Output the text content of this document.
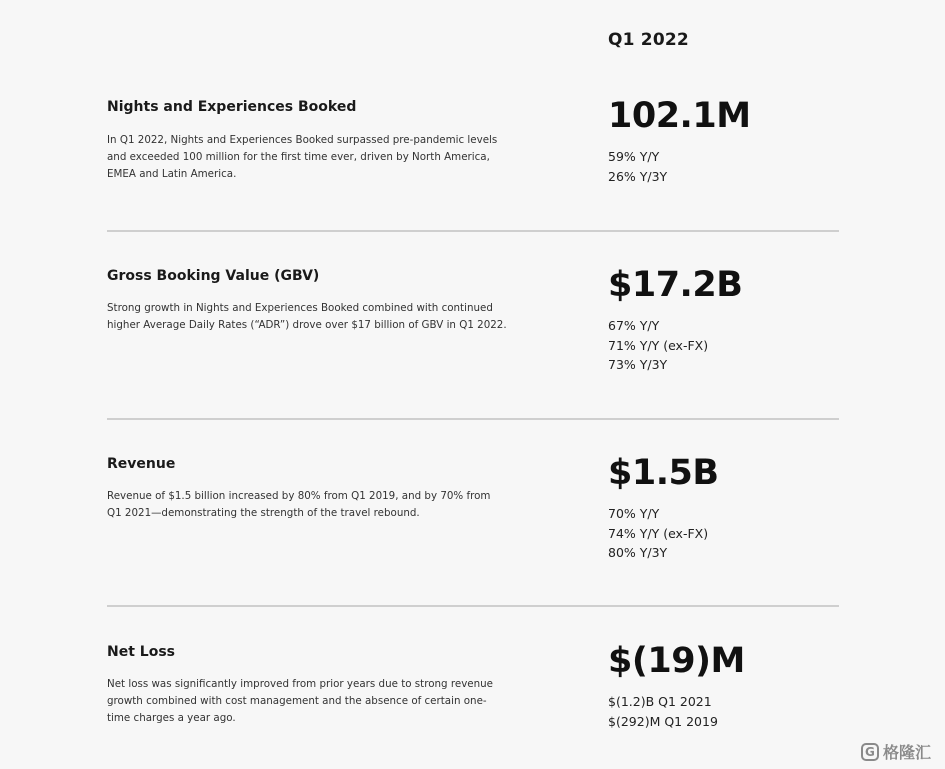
Q1 2022
Nights and Experiences Booked
In Q1 2022, Nights and Experiences Booked surpassed pre-pandemic levels and exceeded 100 million for the first time ever, driven by North America, EMEA and Latin America.
102.1M
59% Y/Y
26% Y/3Y
Gross Booking Value (GBV)
Strong growth in Nights and Experiences Booked combined with continued higher Average Daily Rates (“ADR”) drove over $17 billion of GBV in Q1 2022.
$17.2B
67% Y/Y
71% Y/Y (ex-FX)
73% Y/3Y
Revenue
Revenue of $1.5 billion increased by 80% from Q1 2019, and by 70% from Q1 2021—demonstrating the strength of the travel rebound.
$1.5B
70% Y/Y
74% Y/Y (ex-FX)
80% Y/3Y
Net Loss
Net loss was significantly improved from prior years due to strong revenue growth combined with cost management and the absence of certain one-time charges a year ago.
$(19)M
$(1.2)B Q1 2021
$(292)M Q1 2019
G 格隆汇
